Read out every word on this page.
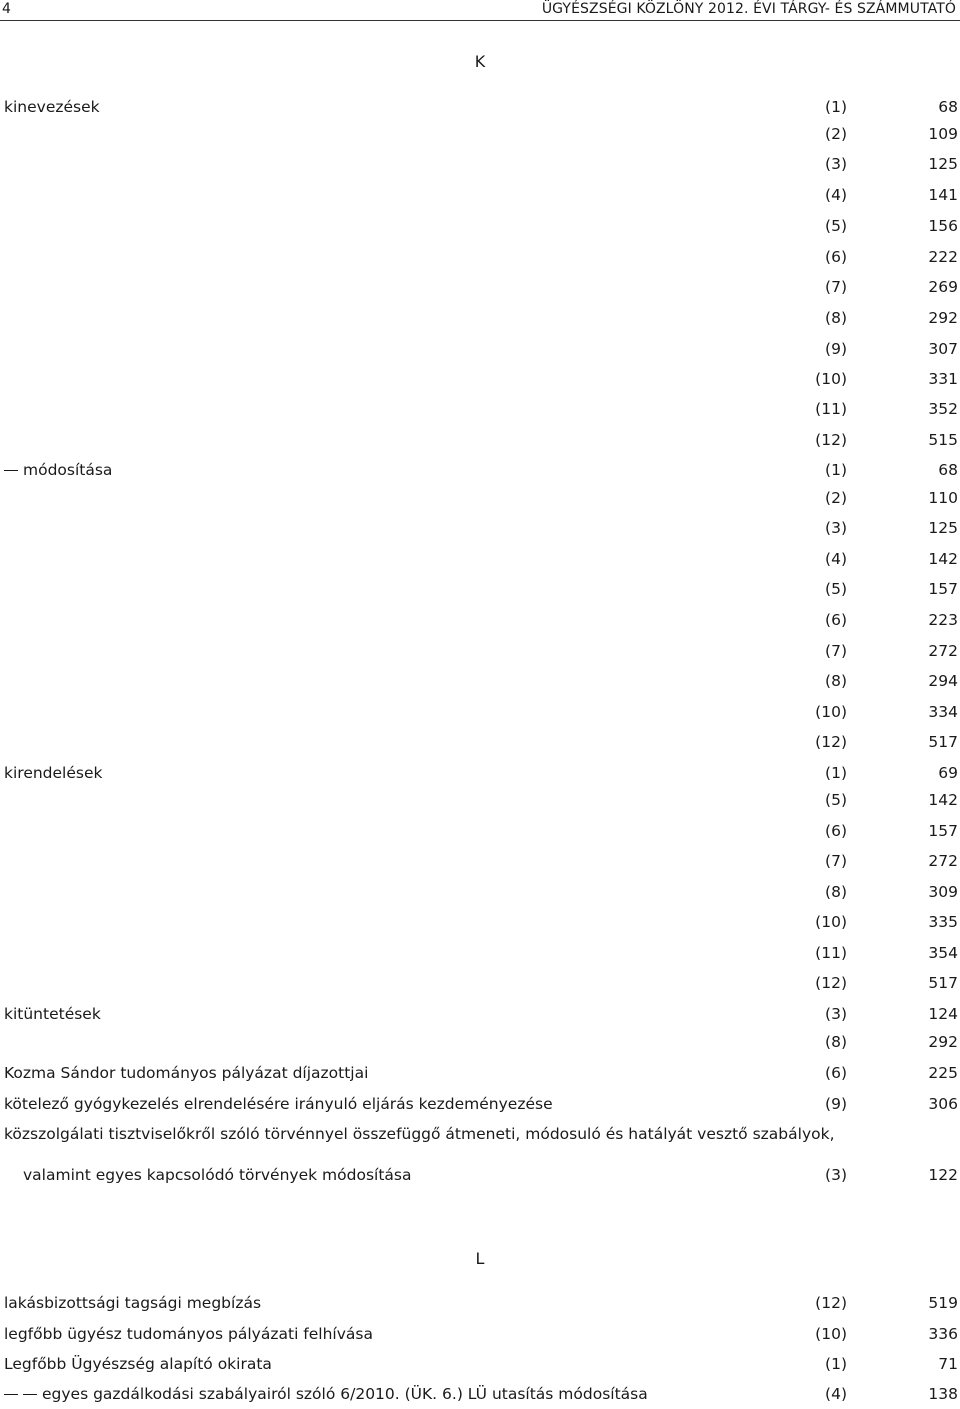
4	ÜGYÉSZSÉGI KÖZLÖNY 2012. ÉVI TÁRGY- ÉS SZÁMMUTATÓ
K
kinevezések	(1)	68
(2)	109
(3)	125
(4)	141
(5)	156
(6)	222
(7)	269
(8)	292
(9)	307
(10)	331
(11)	352
(12)	515
módosítása	(1)	68
(2)	110
(3)	125
(4)	142
(5)	157
(6)	223
(7)	272
(8)	294
(10)	334
(12)	517
kirendelések	(1)	69
(5)	142
(6)	157
(7)	272
(8)	309
(10)	335
(11)	354
(12)	517
kitüntetések	(3)	124
(8)	292
Kozma Sándor tudományos pályázat díjazottjai	(6)	225
kötelező gyógykezelés elrendelésére irányuló eljárás kezdeményezése	(9)	306
közszolgálati tisztviselőkről szóló törvénnyel összefüggő átmeneti, módosuló és hatályát vesztő szabályok,
valamint egyes kapcsolódó törvények módosítása	(3)	122
L
lakásbizottsági tagsági megbízás	(12)	519
legfőbb ügyész tudományos pályázati felhívása	(10)	336
Legfőbb Ügyészség alapító okirata	(1)	71
egyes gazdálkodási szabályairól szóló 6/2010. (ÜK. 6.) LÜ utasítás módosítása	(4)	138
